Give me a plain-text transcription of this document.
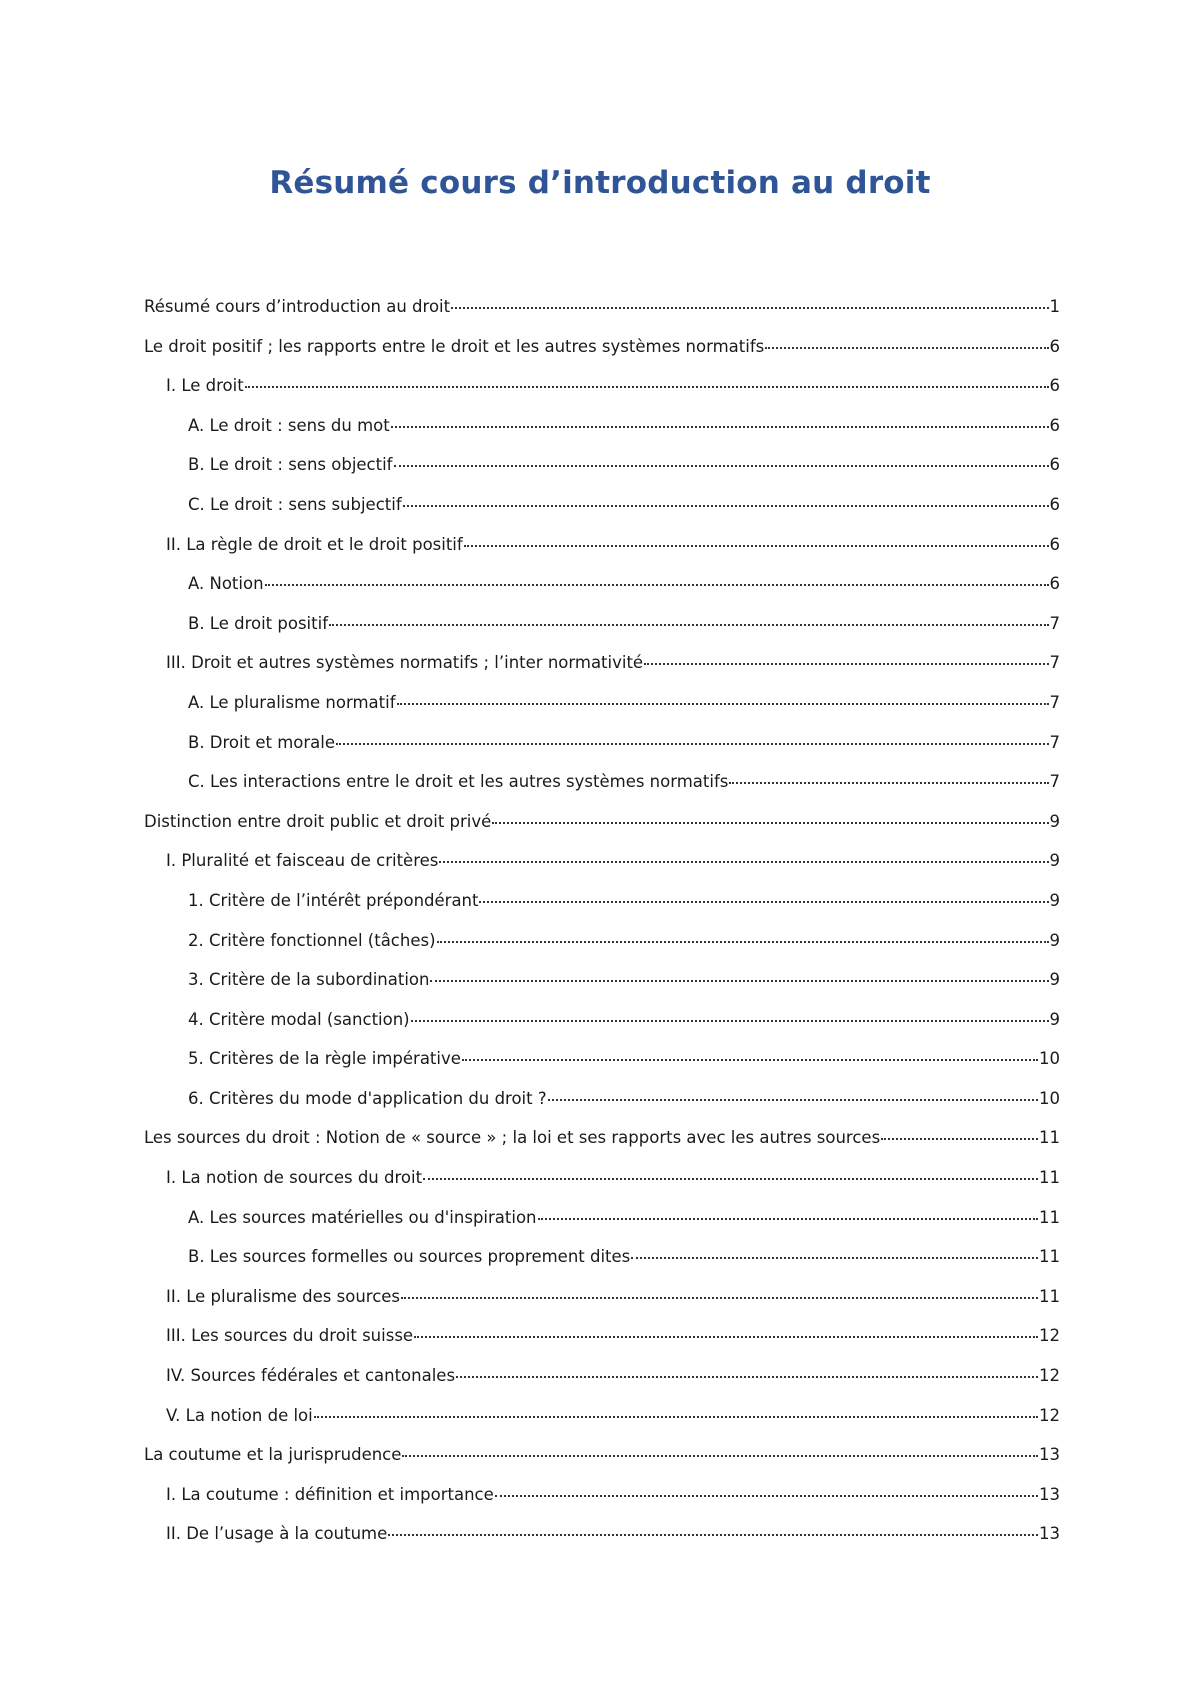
Résumé cours d’introduction au droit
Résumé cours d’introduction au droit	1
Le droit positif ; les rapports entre le droit et les autres systèmes normatifs	6
I. Le droit	6
A. Le droit : sens du mot	6
B. Le droit : sens objectif	6
C. Le droit : sens subjectif	6
II. La règle de droit et le droit positif	6
A. Notion	6
B. Le droit positif	7
III. Droit et autres systèmes normatifs ; l’inter normativité	7
A. Le pluralisme normatif	7
B. Droit et morale	7
C. Les interactions entre le droit et les autres systèmes normatifs	7
Distinction entre droit public et droit privé	9
I. Pluralité et faisceau de critères	9
1. Critère de l’intérêt prépondérant	9
2. Critère fonctionnel (tâches)	9
3. Critère de la subordination	9
4. Critère modal (sanction)	9
5. Critères de la règle impérative	10
6. Critères du mode d'application du droit ?	10
Les sources du droit : Notion de « source » ; la loi et ses rapports avec les autres sources	11
I. La notion de sources du droit	11
A. Les sources matérielles ou d'inspiration	11
B. Les sources formelles ou sources proprement dites	11
II. Le pluralisme des sources	11
III. Les sources du droit suisse	12
IV. Sources fédérales et cantonales	12
V. La notion de loi	12
La coutume et la jurisprudence	13
I. La coutume : définition et importance	13
II. De l’usage à la coutume	13
